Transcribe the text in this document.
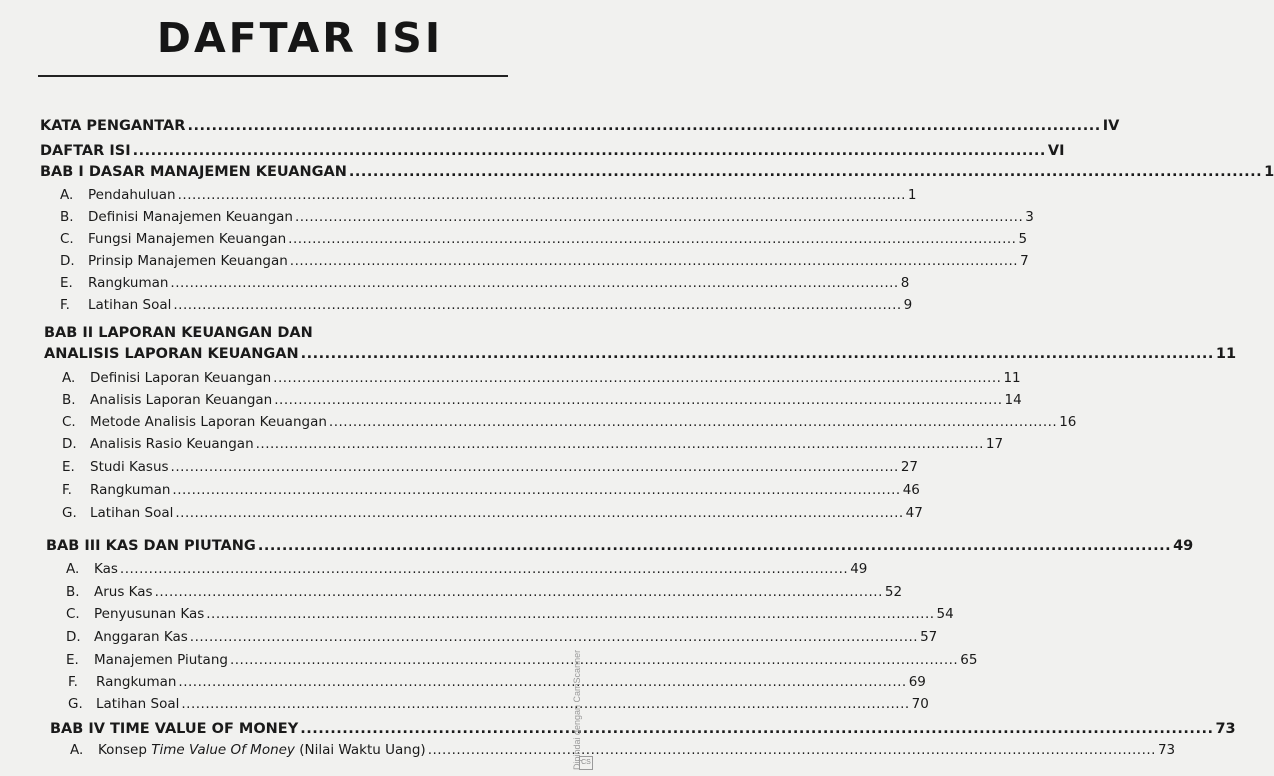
DAFTAR ISI
KATA PENGANTAR ........................................................................................................................................................ IV
DAFTAR ISI ........................................................................................................................................................ VI
BAB I DASAR MANAJEMEN KEUANGAN ........................................................................................................................................................ 1
A. Pendahuluan ........................................................................................................................................................ 1
B. Definisi Manajemen Keuangan ........................................................................................................................................................ 3
C. Fungsi Manajemen Keuangan ........................................................................................................................................................ 5
D. Prinsip Manajemen Keuangan ........................................................................................................................................................ 7
E. Rangkuman ........................................................................................................................................................ 8
F. Latihan Soal ........................................................................................................................................................ 9
BAB II LAPORAN KEUANGAN DAN
ANALISIS LAPORAN KEUANGAN ........................................................................................................................................................ 11
A. Definisi Laporan Keuangan ........................................................................................................................................................ 11
B. Analisis Laporan Keuangan ........................................................................................................................................................ 14
C. Metode Analisis Laporan Keuangan ........................................................................................................................................................ 16
D. Analisis Rasio Keuangan ........................................................................................................................................................ 17
E. Studi Kasus ........................................................................................................................................................ 27
F. Rangkuman ........................................................................................................................................................ 46
G. Latihan Soal ........................................................................................................................................................ 47
BAB III KAS DAN PIUTANG ........................................................................................................................................................ 49
A. Kas ........................................................................................................................................................ 49
B. Arus Kas ........................................................................................................................................................ 52
C. Penyusunan Kas ........................................................................................................................................................ 54
D. Anggaran Kas ........................................................................................................................................................ 57
E. Manajemen Piutang ........................................................................................................................................................ 65
F. Rangkuman ........................................................................................................................................................ 69
G. Latihan Soal ........................................................................................................................................................ 70
BAB IV TIME VALUE OF MONEY ........................................................................................................................................................ 73
A. Konsep Time Value Of Money (Nilai Waktu Uang) ........................................................................................................................................................ 73
Dipindai dengan CamScanner CS
